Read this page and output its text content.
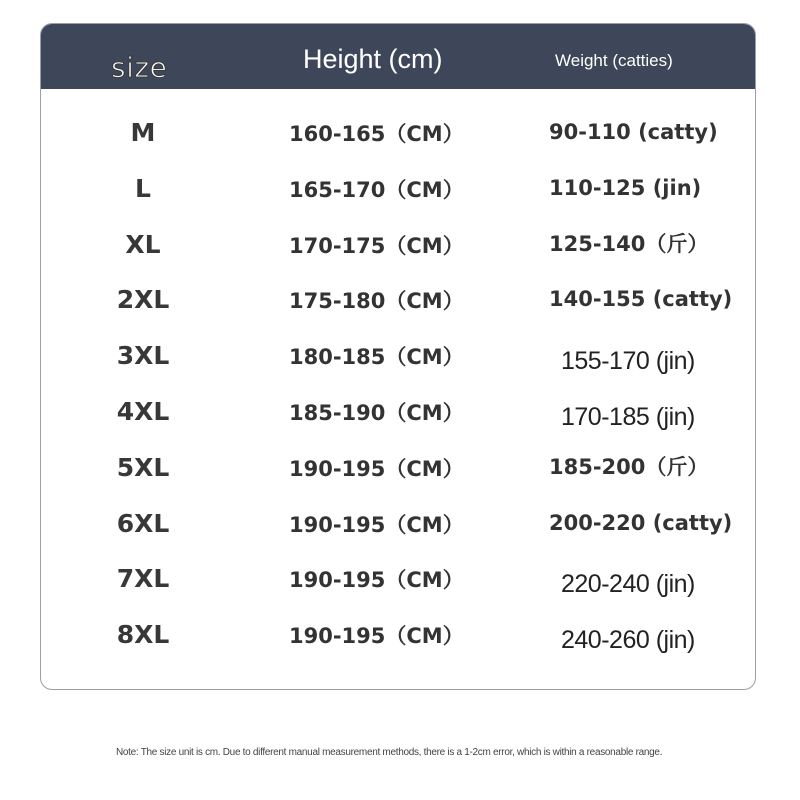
size	Height (cm)	Weight (catties)
M	160-165（CM）	90-110 (catty)
L	165-170（CM）	110-125 (jin)
XL	170-175（CM）	125-140（斤）
2XL	175-180（CM）	140-155 (catty)
3XL	180-185（CM）	155-170 (jin)
4XL	185-190（CM）	170-185 (jin)
5XL	190-195（CM）	185-200（斤）
6XL	190-195（CM）	200-220 (catty)
7XL	190-195（CM）	220-240 (jin)
8XL	190-195（CM）	240-260 (jin)
Note: The size unit is cm. Due to different manual measurement methods, there is a 1-2cm error, which is within a reasonable range.
